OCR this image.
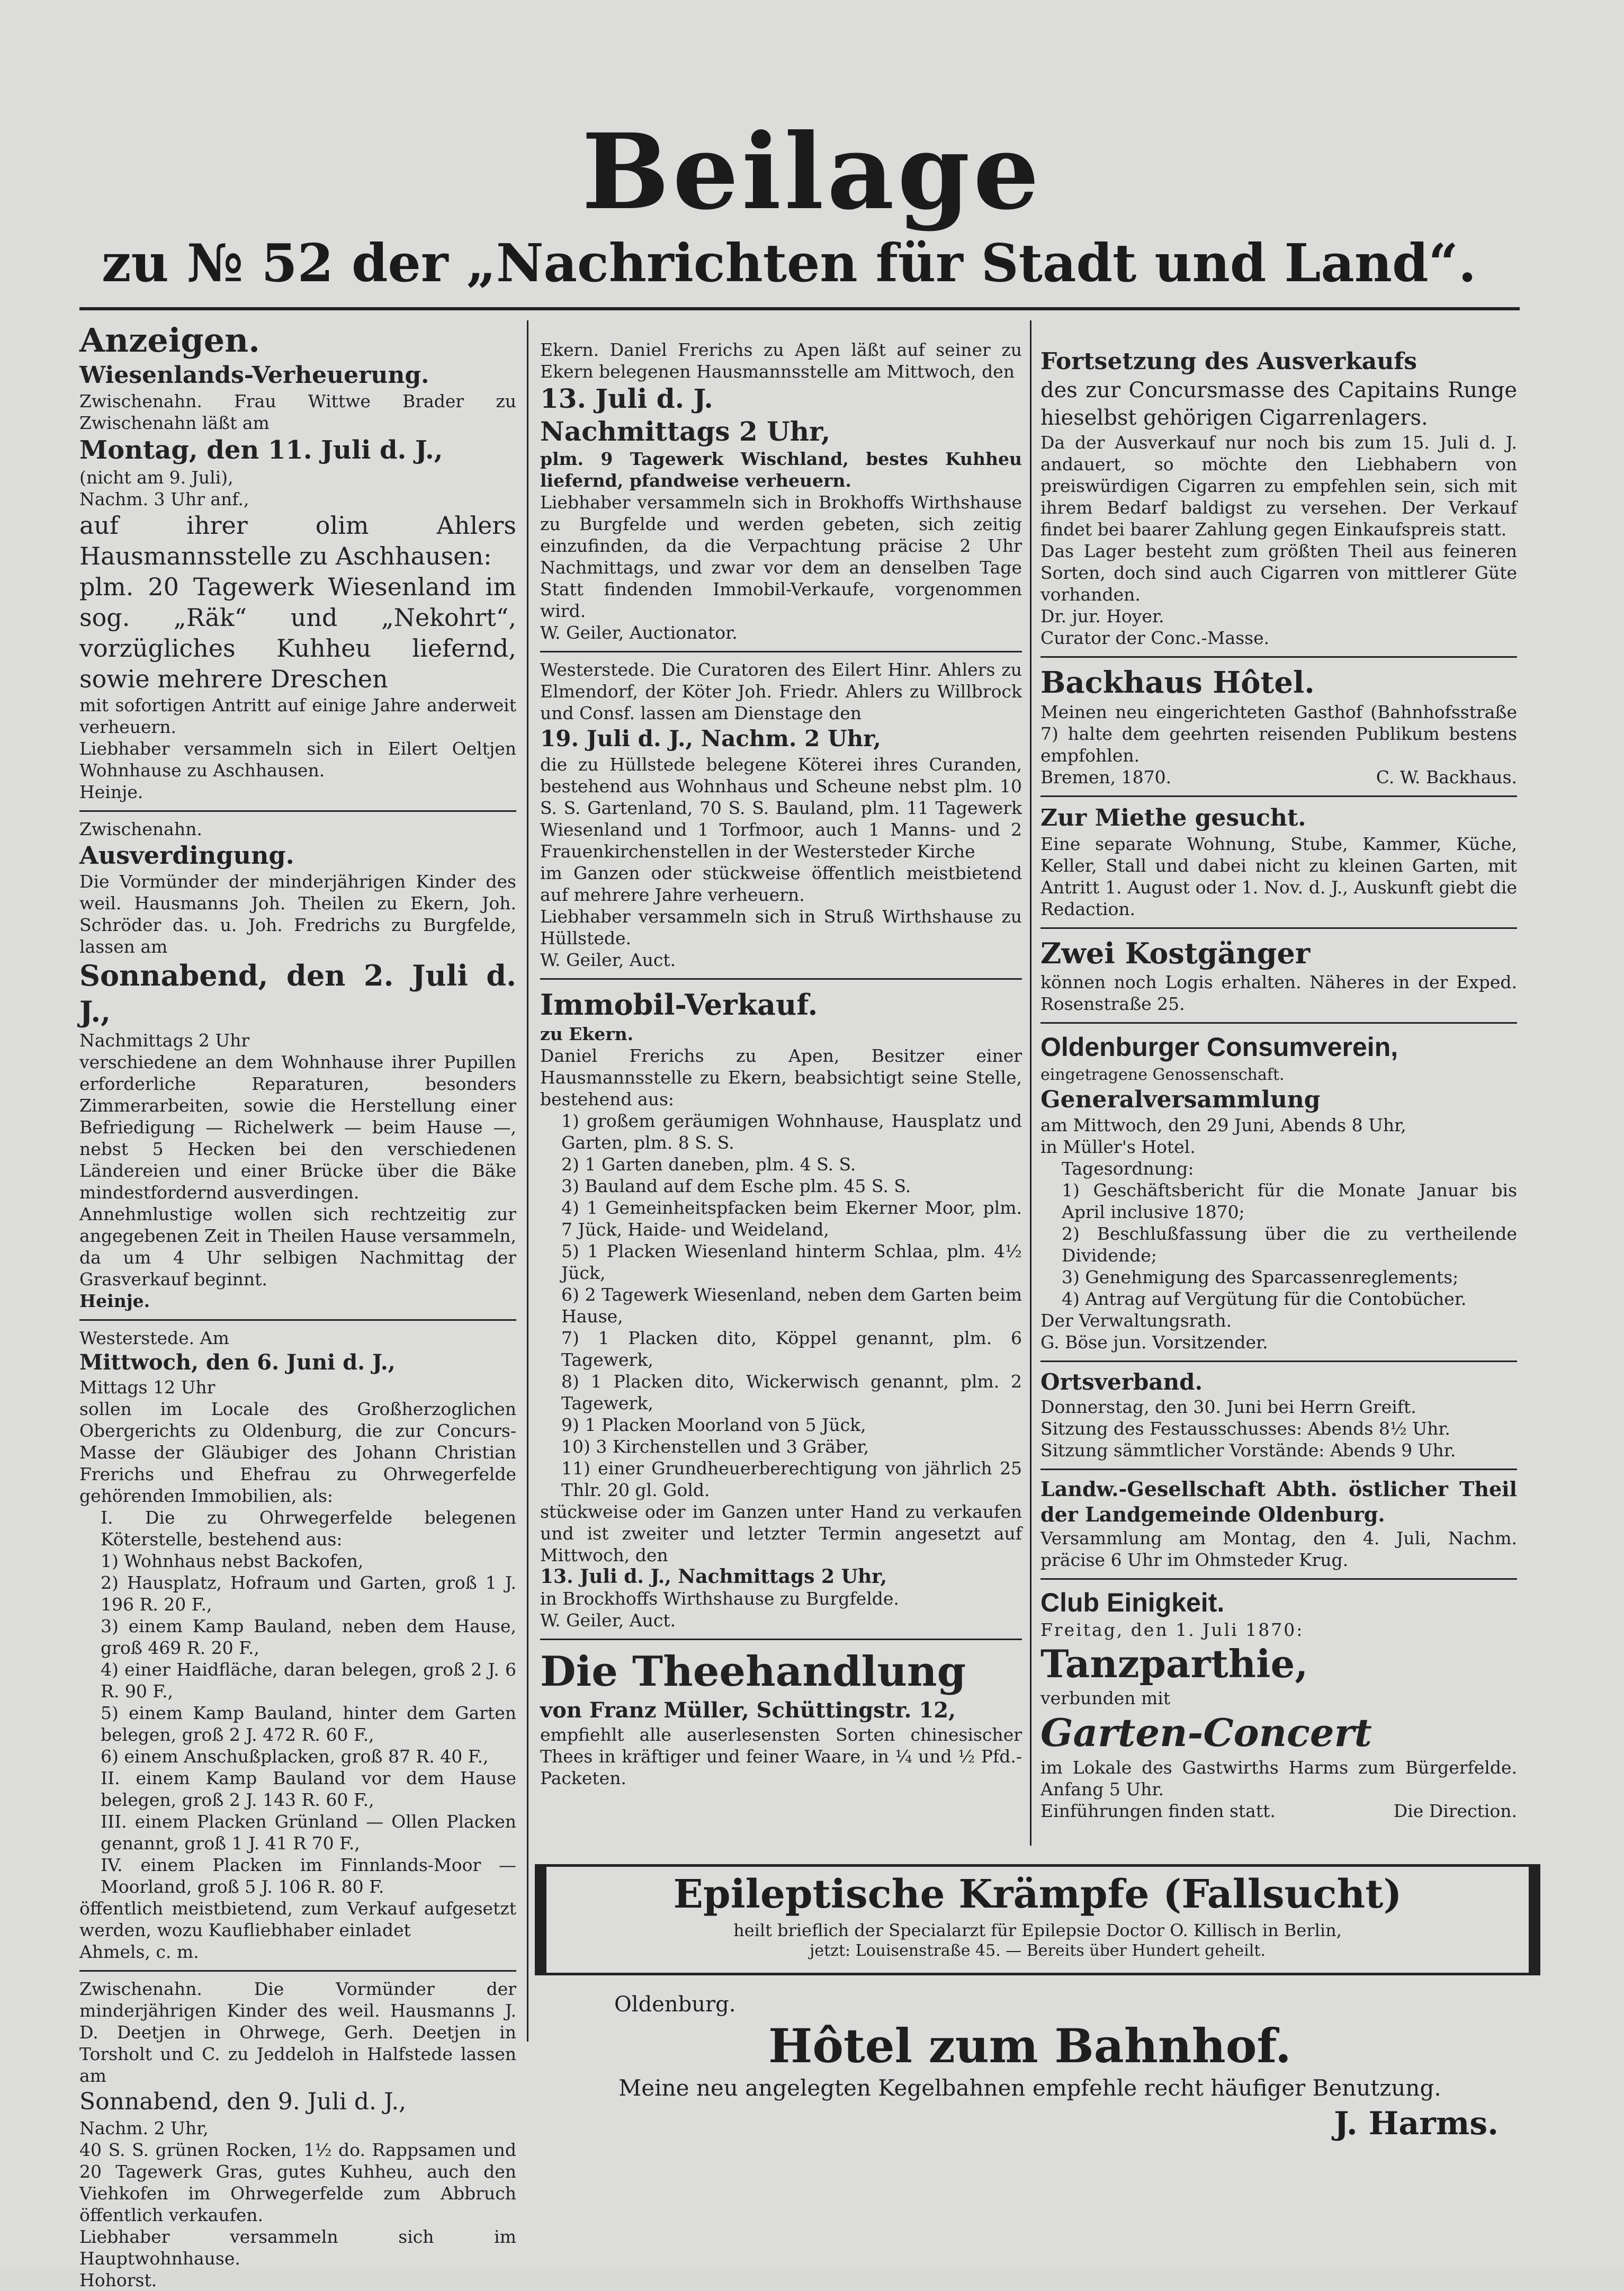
Beilage
zu № 52 der „Nachrichten für Stadt und Land“.

Anzeigen.

Wiesenlands-Verheuerung.

Zwischenahn. Frau Wittwe Brader zu Zwischenahn läßt am

Montag, den 11. Juli d. J.,

(nicht am 9. Juli),

Nachm. 3 Uhr anf.,

auf ihrer olim Ahlers Hausmannsstelle zu Aschhausen:

plm. 20 Tagewerk Wiesenland im sog. „Räk“ und „Nekohrt“, vorzügliches Kuhheu liefernd, sowie mehrere Dreschen

mit sofortigen Antritt auf einige Jahre anderweit verheuern.

Liebhaber versammeln sich in Eilert Oeltjen Wohnhause zu Aschhausen.

Heinje.

Zwischenahn.

Ausverdingung.

Die Vormünder der minderjährigen Kinder des weil. Hausmanns Joh. Theilen zu Ekern, Joh. Schröder das. u. Joh. Fredrichs zu Burgfelde, lassen am

Sonnabend, den 2. Juli d. J.,

Nachmittags 2 Uhr

verschiedene an dem Wohnhause ihrer Pupillen erforderliche Reparaturen, besonders Zimmerarbeiten, sowie die Herstellung einer Befriedigung — Richelwerk — beim Hause —, nebst 5 Hecken bei den verschiedenen Ländereien und einer Brücke über die Bäke mindestfordernd ausverdingen.

Annehmlustige wollen sich rechtzeitig zur angegebenen Zeit in Theilen Hause versammeln, da um 4 Uhr selbigen Nachmittag der Grasverkauf beginnt.

Heinje.

Westerstede. Am

Mittwoch, den 6. Juni d. J.,

Mittags 12 Uhr

sollen im Locale des Großherzoglichen Obergerichts zu Oldenburg, die zur Concurs-Masse der Gläubiger des Johann Christian Frerichs und Ehefrau zu Ohrwegerfelde gehörenden Immobilien, als:

I. Die zu Ohrwegerfelde belegenen Köterstelle, bestehend aus:

1) Wohnhaus nebst Backofen,

2) Hausplatz, Hofraum und Garten, groß 1 J. 196 R. 20 F.,

3) einem Kamp Bauland, neben dem Hause, groß 469 R. 20 F.,

4) einer Haidfläche, daran belegen, groß 2 J. 6 R. 90 F.,

5) einem Kamp Bauland, hinter dem Garten belegen, groß 2 J. 472 R. 60 F.,

6) einem Anschußplacken, groß 87 R. 40 F.,

II. einem Kamp Bauland vor dem Hause belegen, groß 2 J. 143 R. 60 F.,

III. einem Placken Grünland — Ollen Placken genannt, groß 1 J. 41 R 70 F.,

IV. einem Placken im Finnlands-Moor — Moorland, groß 5 J. 106 R. 80 F.

öffentlich meistbietend, zum Verkauf aufgesetzt werden, wozu Kaufliebhaber einladet

Ahmels, c. m.

Zwischenahn. Die Vormünder der minderjährigen Kinder des weil. Hausmanns J. D. Deetjen in Ohrwege, Gerh. Deetjen in Torsholt und C. zu Jeddeloh in Halfstede lassen am

Sonnabend, den 9. Juli d. J.,

Nachm. 2 Uhr,

40 S. S. grünen Rocken, 1½ do. Rappsamen und 20 Tagewerk Gras, gutes Kuhheu, auch den Viehkofen im Ohrwegerfelde zum Abbruch öffentlich verkaufen.

Liebhaber versammeln sich im Hauptwohnhause.

Hohorst.

Ekern. Daniel Frerichs zu Apen läßt auf seiner zu Ekern belegenen Hausmannsstelle am Mittwoch, den

13. Juli d. J.

Nachmittags 2 Uhr,

plm. 9 Tagewerk Wischland, bestes Kuhheu liefernd, pfandweise verheuern.

Liebhaber versammeln sich in Brokhoffs Wirthshause zu Burgfelde und werden gebeten, sich zeitig einzufinden, da die Verpachtung präcise 2 Uhr Nachmittags, und zwar vor dem an denselben Tage Statt findenden Immobil-Verkaufe, vorgenommen wird.

W. Geiler, Auctionator.

Westerstede. Die Curatoren des Eilert Hinr. Ahlers zu Elmendorf, der Köter Joh. Friedr. Ahlers zu Willbrock und Consf. lassen am Dienstage den

19. Juli d. J., Nachm. 2 Uhr,

die zu Hüllstede belegene Köterei ihres Curanden, bestehend aus Wohnhaus und Scheune nebst plm. 10 S. S. Gartenland, 70 S. S. Bauland, plm. 11 Tagewerk Wiesenland und 1 Torfmoor, auch 1 Manns- und 2 Frauenkirchenstellen in der Westersteder Kirche

im Ganzen oder stückweise öffentlich meistbietend auf mehrere Jahre verheuern.

Liebhaber versammeln sich in Struß Wirthshause zu Hüllstede.

W. Geiler, Auct.

Immobil-Verkauf.

zu Ekern.

Daniel Frerichs zu Apen, Besitzer einer Hausmannsstelle zu Ekern, beabsichtigt seine Stelle, bestehend aus:

1) großem geräumigen Wohnhause, Hausplatz und Garten, plm. 8 S. S.

2) 1 Garten daneben, plm. 4 S. S.

3) Bauland auf dem Esche plm. 45 S. S.

4) 1 Gemeinheitspfacken beim Ekerner Moor, plm. 7 Jück, Haide- und Weideland,

5) 1 Placken Wiesenland hinterm Schlaa, plm. 4½ Jück,

6) 2 Tagewerk Wiesenland, neben dem Garten beim Hause,

7) 1 Placken dito, Köppel genannt, plm. 6 Tagewerk,

8) 1 Placken dito, Wickerwisch genannt, plm. 2 Tagewerk,

9) 1 Placken Moorland von 5 Jück,

10) 3 Kirchenstellen und 3 Gräber,

11) einer Grundheuerberechtigung von jährlich 25 Thlr. 20 gl. Gold.

stückweise oder im Ganzen unter Hand zu verkaufen und ist zweiter und letzter Termin angesetzt auf Mittwoch, den

13. Juli d. J., Nachmittags 2 Uhr,

in Brockhoffs Wirthshause zu Burgfelde.

W. Geiler, Auct.

Die Theehandlung

von Franz Müller, Schüttingstr. 12,

empfiehlt alle auserlesensten Sorten chinesischer Thees in kräftiger und feiner Waare, in ¼ und ½ Pfd.-Packeten.

Fortsetzung des Ausverkaufs

des zur Concursmasse des Capitains Runge hieselbst gehörigen Cigarrenlagers.

Da der Ausverkauf nur noch bis zum 15. Juli d. J. andauert, so möchte den Liebhabern von preiswürdigen Cigarren zu empfehlen sein, sich mit ihrem Bedarf baldigst zu versehen. Der Verkauf findet bei baarer Zahlung gegen Einkaufspreis statt.

Das Lager besteht zum größten Theil aus feineren Sorten, doch sind auch Cigarren von mittlerer Güte vorhanden.

Dr. jur. Hoyer.

Curator der Conc.-Masse.

Backhaus Hôtel.

Meinen neu eingerichteten Gasthof (Bahnhofsstraße 7) halte dem geehrten reisenden Publikum bestens empfohlen.

Bremen, 1870.	C. W. Backhaus.

Zur Miethe gesucht.

Eine separate Wohnung, Stube, Kammer, Küche, Keller, Stall und dabei nicht zu kleinen Garten, mit Antritt 1. August oder 1. Nov. d. J., Auskunft giebt die Redaction.

Zwei Kostgänger

können noch Logis erhalten. Näheres in der Exped. Rosenstraße 25.

Oldenburger Consumverein,

eingetragene Genossenschaft.

Generalversammlung

am Mittwoch, den 29 Juni, Abends 8 Uhr,

in Müller's Hotel.

Tagesordnung:

1) Geschäftsbericht für die Monate Januar bis April inclusive 1870;

2) Beschlußfassung über die zu vertheilende Dividende;

3) Genehmigung des Sparcassenreglements;

4) Antrag auf Vergütung für die Contobücher.

Der Verwaltungsrath.

G. Böse jun. Vorsitzender.

Ortsverband.

Donnerstag, den 30. Juni bei Herrn Greift.

Sitzung des Festausschusses: Abends 8½ Uhr.

Sitzung sämmtlicher Vorstände: Abends 9 Uhr.

Landw.-Gesellschaft Abth. östlicher Theil der Landgemeinde Oldenburg.

Versammlung am Montag, den 4. Juli, Nachm. präcise 6 Uhr im Ohmsteder Krug.

Club Einigkeit.

Freitag, den 1. Juli 1870:

Tanzparthie,

verbunden mit

Garten-Concert

im Lokale des Gastwirths Harms zum Bürgerfelde. Anfang 5 Uhr.

Einführungen finden statt.	Die Direction.
Epileptische Krämpfe (Fallsucht)
heilt brieflich der Specialarzt für Epilepsie Doctor O. Killisch in Berlin,
jetzt: Louisenstraße 45. — Bereits über Hundert geheilt.
Oldenburg.
Hôtel zum Bahnhof.
Meine neu angelegten Kegelbahnen empfehle recht häufiger Benutzung.
J. Harms.
